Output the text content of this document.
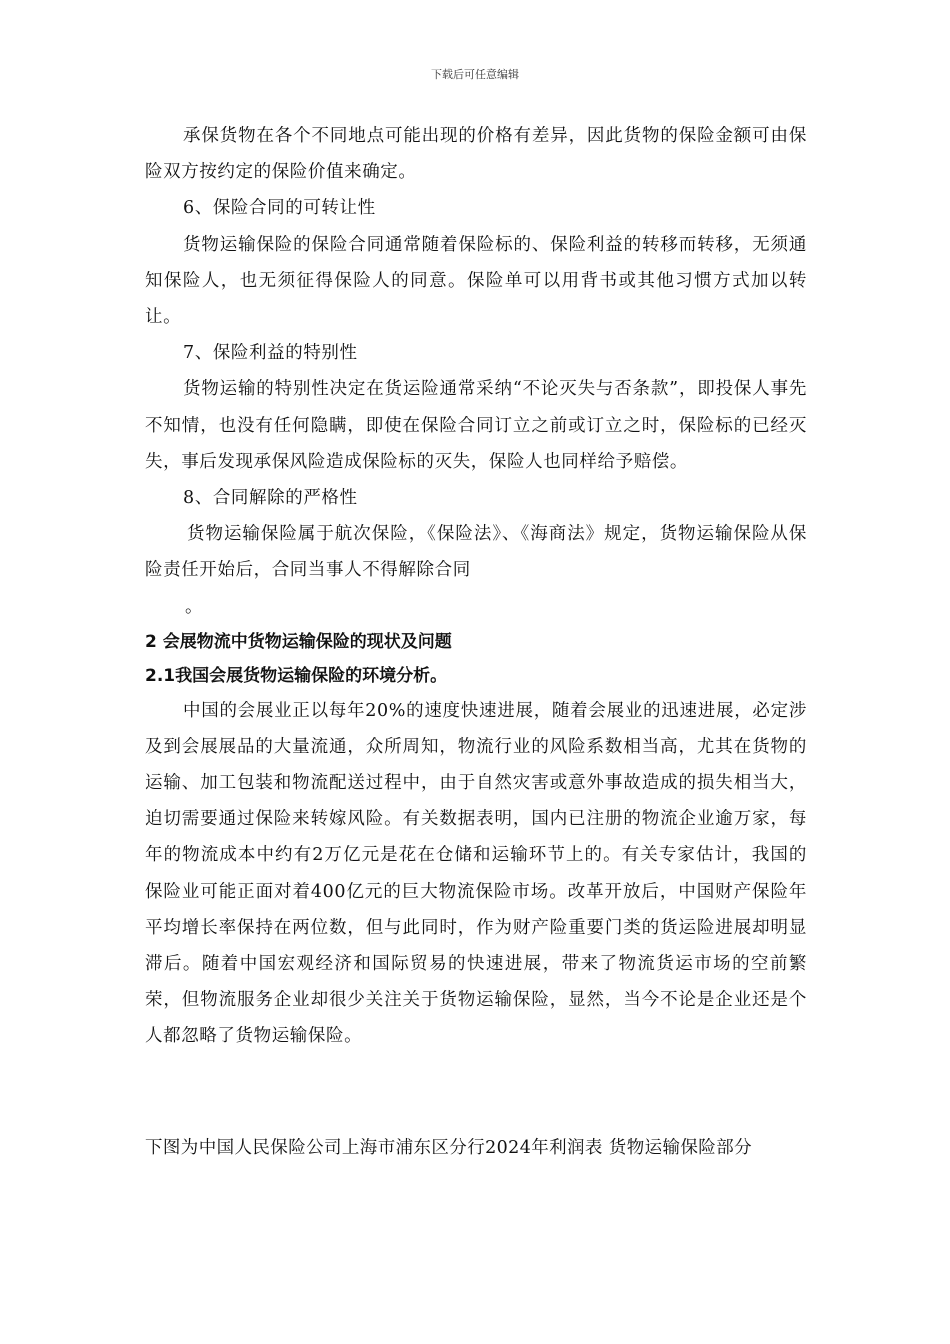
下载后可任意编辑

承保货物在各个不同地点可能出现的价格有差异，因此货物的保险金额可由保险双方按约定的保险价值来确定。

6、保险合同的可转让性

货物运输保险的保险合同通常随着保险标的、保险利益的转移而转移，无须通知保险人，也无须征得保险人的同意。保险单可以用背书或其他习惯方式加以转让。

7、保险利益的特别性

货物运输的特别性决定在货运险通常采纳“不论灭失与否条款”，即投保人事先不知情，也没有任何隐瞒，即使在保险合同订立之前或订立之时，保险标的已经灭失，事后发现承保风险造成保险标的灭失，保险人也同样给予赔偿。

8、合同解除的严格性

货物运输保险属于航次保险，《保险法》、《海商法》规定，货物运输保险从保险责任开始后，合同当事人不得解除合同

。

2 会展物流中货物运输保险的现状及问题

2.1我国会展货物运输保险的环境分析。

中国的会展业正以每年20%的速度快速进展，随着会展业的迅速进展，必定涉及到会展展品的大量流通，众所周知，物流行业的风险系数相当高，尤其在货物的运输、加工包装和物流配送过程中，由于自然灾害或意外事故造成的损失相当大，迫切需要通过保险来转嫁风险。有关数据表明，国内已注册的物流企业逾万家，每年的物流成本中约有2万亿元是花在仓储和运输环节上的。有关专家估计，我国的保险业可能正面对着400亿元的巨大物流保险市场。改革开放后，中国财产保险年平均增长率保持在两位数，但与此同时，作为财产险重要门类的货运险进展却明显滞后。随着中国宏观经济和国际贸易的快速进展，带来了物流货运市场的空前繁荣，但物流服务企业却很少关注关于货物运输保险，显然，当今不论是企业还是个人都忽略了货物运输保险。

下图为中国人民保险公司上海市浦东区分行2024年利润表 货物运输保险部分
